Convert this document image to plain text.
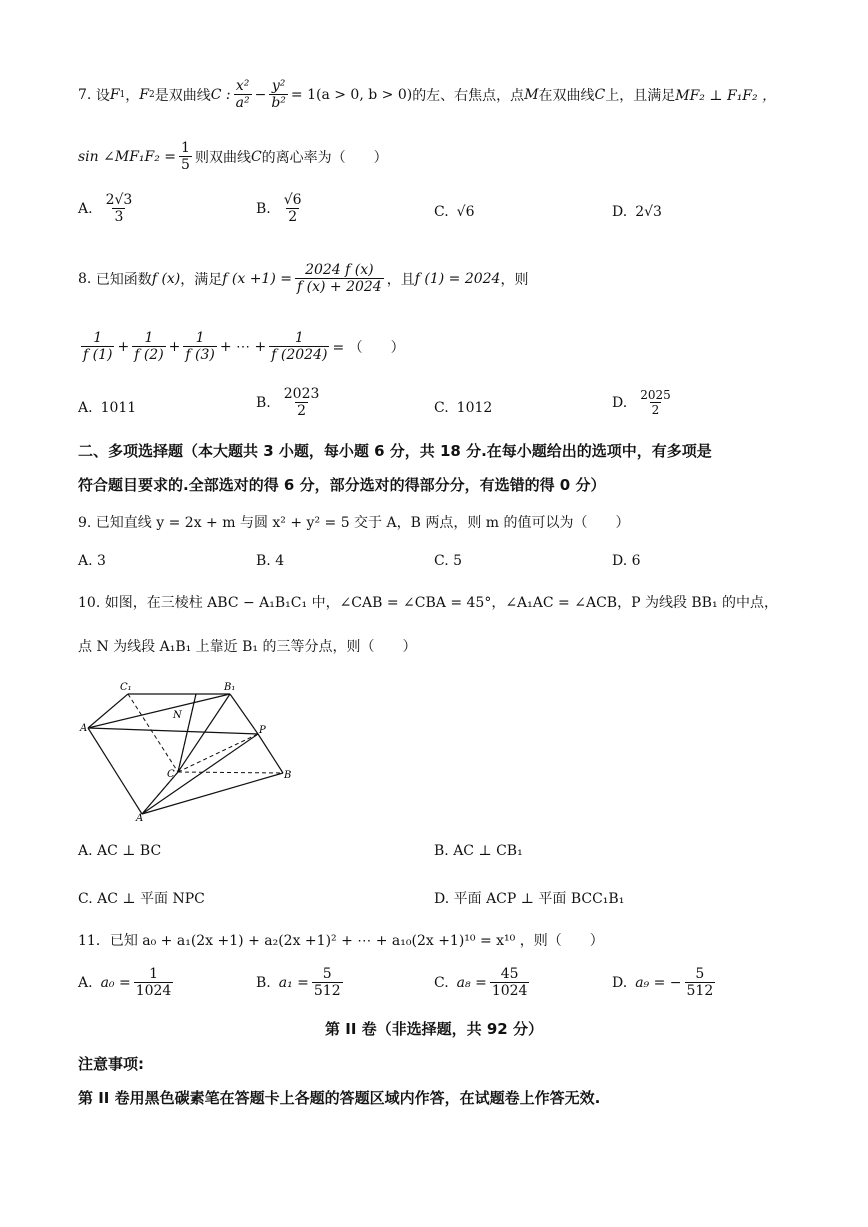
7.
设 F 1 ， F 2 是双曲线 C : $\frac{\text{x²}}{\text{a²}} - \frac{\text{y²}}{\text{b²}} = 1(a > 0$, b > 0) 的左、右焦点，点 M 在双曲线 C 上，且满足 MF₂ ⊥ F₁F₂ ，
sin ∠MF₁F₂ = $\frac{1}{5}$ 则双曲线 C 的离心率为（　　）
A. $\frac{2√3}{3}$	B. $\frac{√6}{2}$	C. √6	D. 2√3
8.
已知函数 f (x) ，满足 f $(x +1) = \frac{2024 f (x)}{f (x) + 2024}$ ，且 f (1) = 2024 ，则
$\frac{1}{f (1)} + \frac{1}{f (2)} + \frac{1}{f (3)}$ + ⋯ + $\frac{1}{f (2024)}$ = （　　）
A. 1011	B. $\frac{2023}{2}$	C. 1012	D. $\frac{2025}{2}$
二、多项选择题（本大题共 3 小题，每小题 6 分，共 18 分.在每小题给出的选项中，有多项是
符合题目要求的.全部选对的得 6 分，部分选对的得部分分，有选错的得 0 分）
9. 已知直线 y = 2x + m 与圆 x² + y² = 5 交于 A，B 两点，则 m 的值可以为（　　）
A. 3	B. 4	C. 5	D. 6
10. 如图，在三棱柱 ABC − A₁B₁C₁ 中，∠CAB = ∠CBA = 45°，∠A₁AC = ∠ACB，P 为线段 BB₁ 的中点，
点 N 为线段 A₁B₁ 上靠近 B₁ 的三等分点，则（　　）
C₁	B₁
N
A	P
C	B
A
A. AC ⊥ BC	B. AC ⊥ CB₁
C. AC ⊥ 平面 NPC	D. 平面 ACP ⊥ 平面 BCC₁B₁
11．已知 a₀ + a₁(2x +1) + a₂(2x +1)² + ⋯ + a₁₀(2x +1)¹⁰ = x¹⁰ ，则（　　）
A. $a_0 = \frac{1}{1024}$	B. $a_1 = \frac{5}{512}$	C. $a_8 = \frac{45}{1024}$	D. a₉ = − $\frac{5}{512}$
第 II 卷（非选择题，共 92 分）
注意事项:
第 II 卷用黑色碳素笔在答题卡上各题的答题区域内作答，在试题卷上作答无效.
